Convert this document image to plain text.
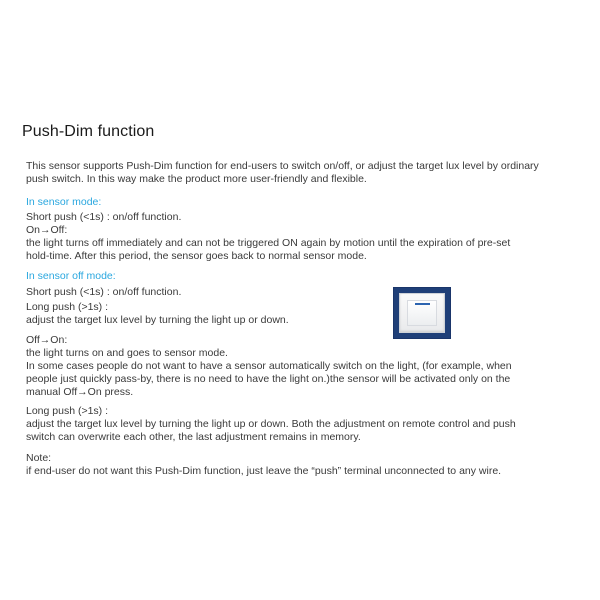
Push-Dim function
This sensor supports Push-Dim function for end-users to switch on/off, or adjust the target lux level by ordinary
push switch. In this way make the product more user-friendly and flexible.
In sensor mode:
Short push (<1s) : on/off function.
On→Off:
the light turns off immediately and can not be triggered ON again by motion until the expiration of pre-set
hold-time. After this period, the sensor goes back to normal sensor mode.
In sensor off mode:
Short push (<1s) : on/off function.
Long push (>1s) :
adjust the target lux level by turning the light up or down.
Off→On:
the light turns on and goes to sensor mode.
In some cases people do not want to have a sensor automatically switch on the light, (for example, when
people just quickly pass-by, there is no need to have the light on.)the sensor will be activated only on the
manual Off→On press.
Long push (>1s) :
adjust the target lux level by turning the light up or down. Both the adjustment on remote control and push
switch can overwrite each other, the last adjustment remains in memory.
Note:
if end-user do not want this Push-Dim function, just leave the “push” terminal unconnected to any wire.
